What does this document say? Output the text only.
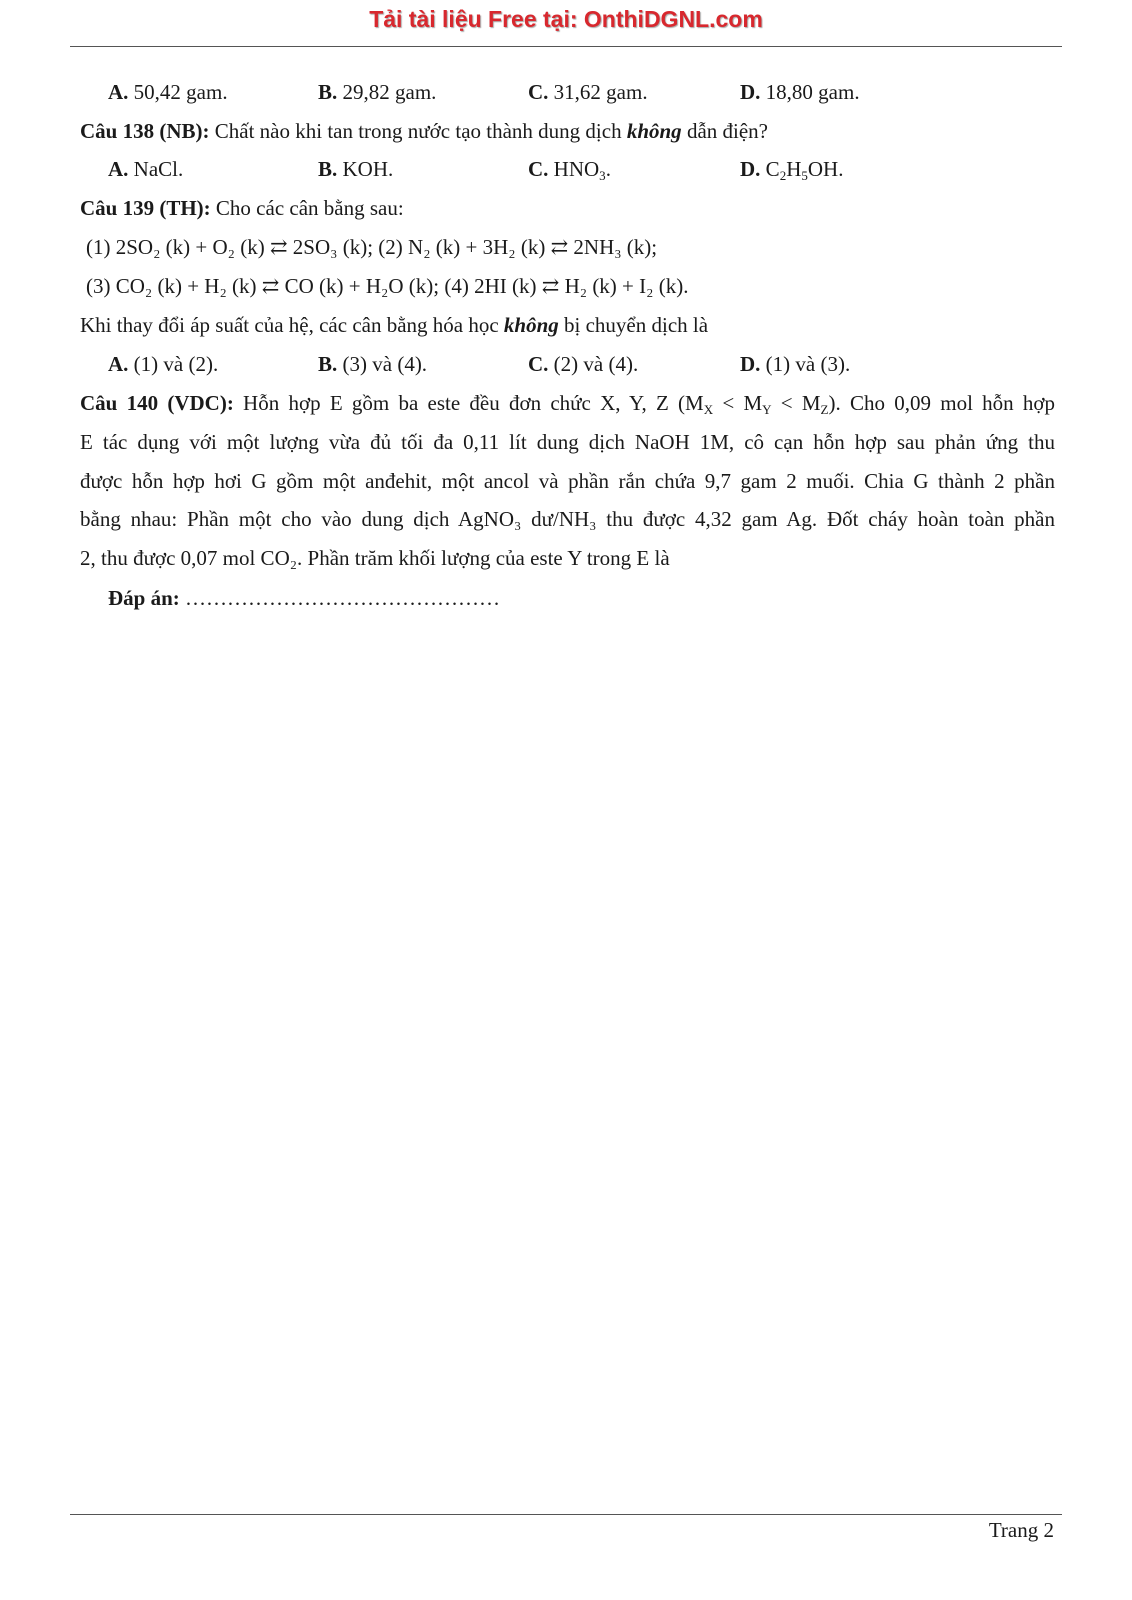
Tải tài liệu Free tại: OnthiDGNL.com
A. 50,42 gam.	B. 29,82 gam.	C. 31,62 gam.	D. 18,80 gam.
Câu 138 (NB): Chất nào khi tan trong nước tạo thành dung dịch không dẫn điện?
A. NaCl.	B. KOH.	C. $HNO_3$.	D. $C_2H_5OH$.
Câu 139 (TH): Cho các cân bằng sau:
(1) 2SO₂ (k) + O₂ (k) ⇄ 2SO₃ (k); (2) N₂ (k) + 3H₂ (k) ⇄ 2NH₃ (k);
(3) CO₂ (k) + H₂ (k) ⇄ CO (k) + H₂O (k); (4) 2HI (k) ⇄ H₂ (k) + I₂ (k).
Khi thay đổi áp suất của hệ, các cân bằng hóa học không bị chuyển dịch là
A. (1) và (2).	B. (3) và (4).	C. (2) và (4).	D. (1) và (3).
Câu 140 (VDC): Hỗn hợp E gồm ba este đều đơn chức X, Y, Z $(M_X < M_Y < M_Z)$. Cho 0,09 mol hỗn hợp
E tác dụng với một lượng vừa đủ tối đa 0,11 lít dung dịch NaOH 1M, cô cạn hỗn hợp sau phản ứng thu
được hỗn hợp hơi G gồm một anđehit, một ancol và phần rắn chứa 9,7 gam 2 muối. Chia G thành 2 phần
bằng nhau: Phần một cho vào dung dịch AgNO₃ dư/NH₃ thu được 4,32 gam Ag. Đốt cháy hoàn toàn phần
2, thu được 0,07 mol CO₂. Phần trăm khối lượng của este Y trong E là
Đáp án: ………………………………………
Trang 2
